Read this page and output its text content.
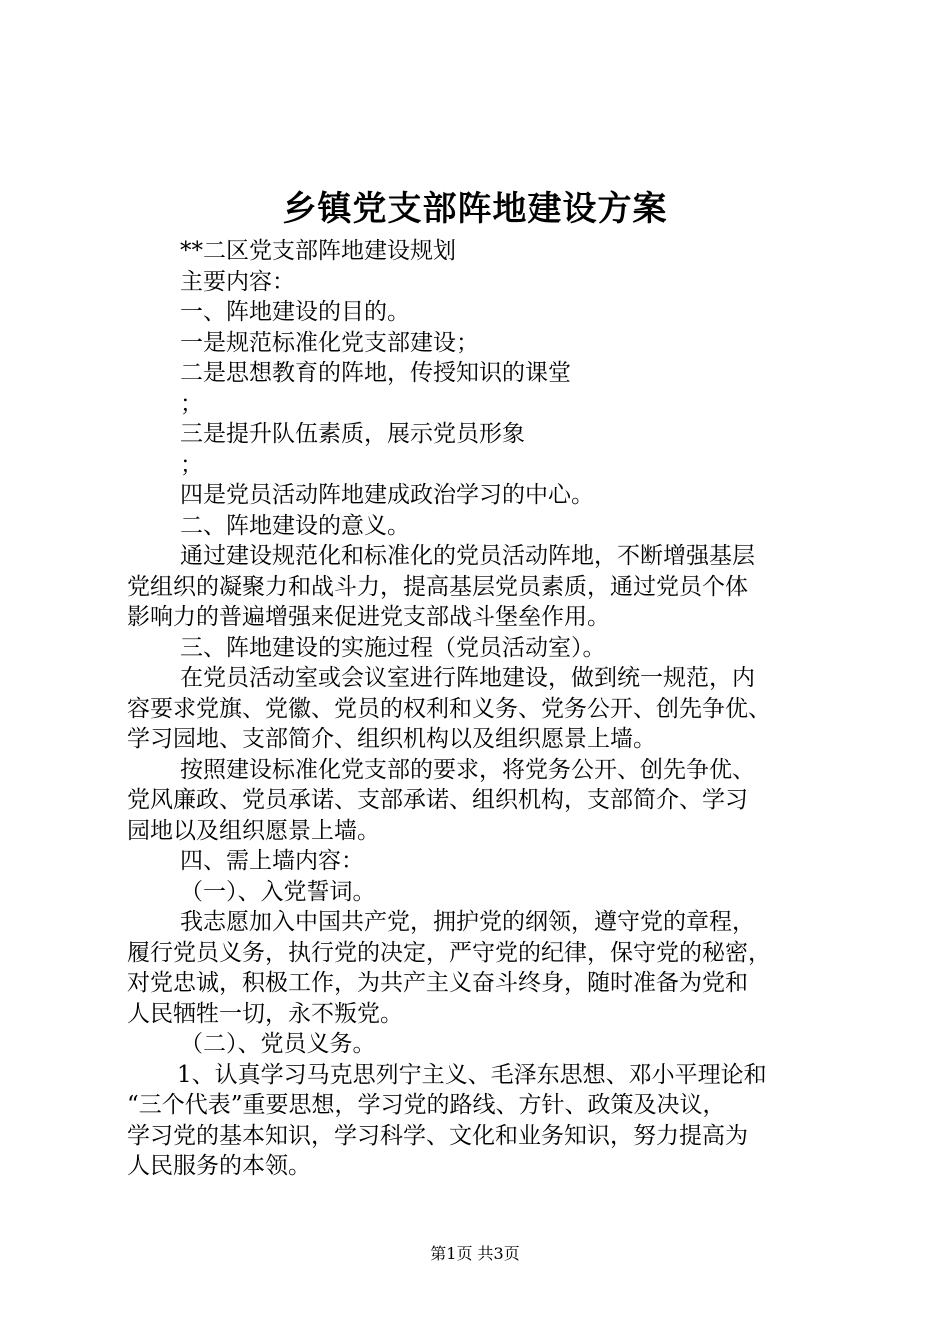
乡镇党支部阵地建设方案

**二区党支部阵地建设规划

主要内容：

一、阵地建设的目的。

一是规范标准化党支部建设；

二是思想教育的阵地，传授知识的课堂

；

三是提升队伍素质，展示党员形象

；

四是党员活动阵地建成政治学习的中心。

二、阵地建设的意义。

通过建设规范化和标准化的党员活动阵地，不断增强基层

党组织的凝聚力和战斗力，提高基层党员素质，通过党员个体

影响力的普遍增强来促进党支部战斗堡垒作用。

三、阵地建设的实施过程（党员活动室）。

在党员活动室或会议室进行阵地建设，做到统一规范，内

容要求党旗、党徽、党员的权利和义务、党务公开、创先争优、

学习园地、支部简介、组织机构以及组织愿景上墙。

按照建设标准化党支部的要求，将党务公开、创先争优、

党风廉政、党员承诺、支部承诺、组织机构，支部简介、学习

园地以及组织愿景上墙。

四、需上墙内容：

（一）、入党誓词。

我志愿加入中国共产党，拥护党的纲领，遵守党的章程，

履行党员义务，执行党的决定，严守党的纪律，保守党的秘密，

对党忠诚，积极工作，为共产主义奋斗终身，随时准备为党和

人民牺牲一切，永不叛党。

（二）、党员义务。

1、认真学习马克思列宁主义、毛泽东思想、邓小平理论和

“三个代表”重要思想，学习党的路线、方针、政策及决议，

学习党的基本知识，学习科学、文化和业务知识，努力提高为

人民服务的本领。

第1页 共3页
